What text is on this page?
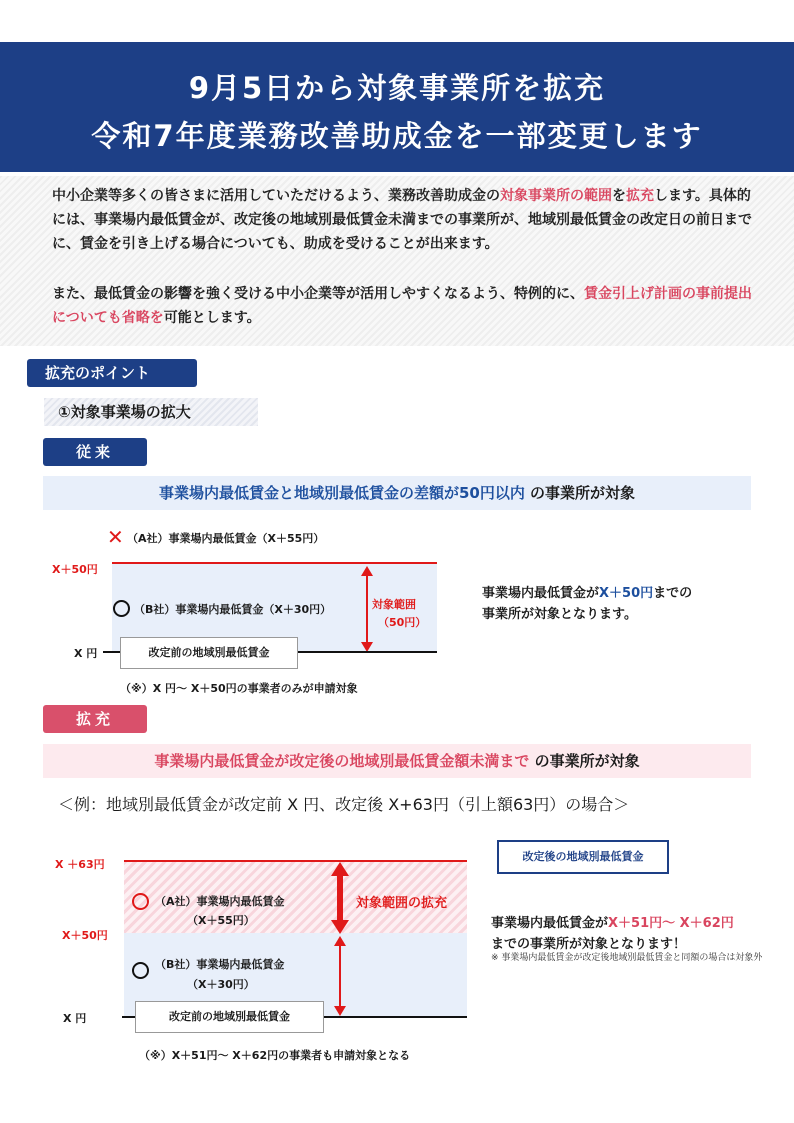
9月5日から対象事業所を拡充
令和7年度業務改善助成金を一部変更します

中小企業等多くの皆さまに活用していただけるよう、業務改善助成金の対象事業所の範囲を拡充します。具体的には、事業場内最低賃金が、改定後の地域別最低賃金未満までの事業所が、地域別最低賃金の改定日の前日までに、賃金を引き上げる場合についても、助成を受けることが出来ます。

また、最低賃金の影響を強く受ける中小企業等が活用しやすくなるよう、特例的に、賃金引上げ計画の事前提出についても省略を可能とします。

拡充のポイント
①対象事業場の拡大
従来
事業場内最低賃金と地域別最低賃金の差額が50円以内 の事業所が対象
✕ （A社）事業場内最低賃金（X＋55円）
X＋50円
（B社）事業場内最低賃金（X＋30円）	対象範囲
（50円）
X 円	改定前の地域別最低賃金
事業場内最低賃金がX＋50円までの
事業所が対象となります。
（※）X 円～ X＋50円の事業者のみが申請対象
拡充
事業場内最低賃金が改定後の地域別最低賃金額未満まで の事業所が対象
＜例：地域別最低賃金が改定前 X 円、改定後 X+63円（引上額63円）の場合＞
改定後の地域別最低賃金
X ＋63円
（A社）事業場内最低賃金
（X＋55円）
X＋50円
（B社）事業場内最低賃金
（X＋30円）
対象範囲の拡充
X 円	改定前の地域別最低賃金
事業場内最低賃金がX＋51円～ X＋62円
までの事業所が対象となります！
※ 事業場内最低賃金が改定後地域別最低賃金と同額の場合は対象外
（※）X＋51円～ X＋62円の事業者も申請対象となる
